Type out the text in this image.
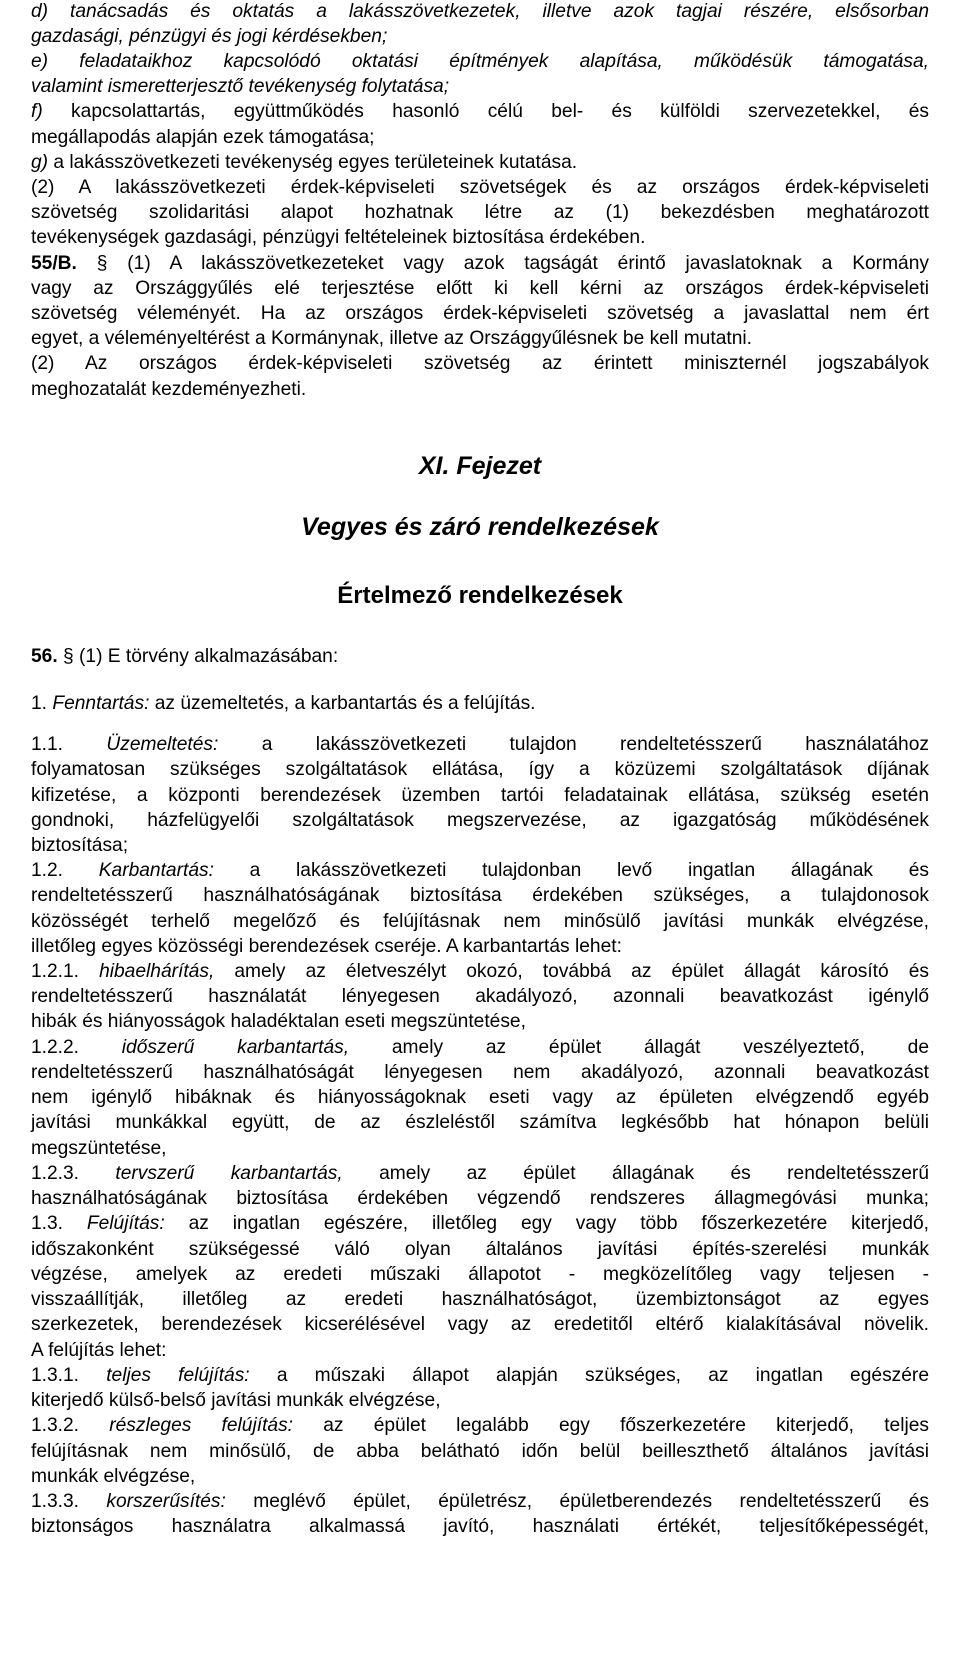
d) tanácsadás és oktatás a lakásszövetkezetek, illetve azok tagjai részére, elsősorban
gazdasági, pénzügyi és jogi kérdésekben;
e) feladataikhoz kapcsolódó oktatási építmények alapítása, működésük támogatása,
valamint ismeretterjesztő tevékenység folytatása;
f) kapcsolattartás, együttműködés hasonló célú bel- és külföldi szervezetekkel, és
megállapodás alapján ezek támogatása;
g) a lakásszövetkezeti tevékenység egyes területeinek kutatása.
(2) A lakásszövetkezeti érdek-képviseleti szövetségek és az országos érdek-képviseleti
szövetség szolidaritási alapot hozhatnak létre az (1) bekezdésben meghatározott
tevékenységek gazdasági, pénzügyi feltételeinek biztosítása érdekében.
55/B. § (1) A lakásszövetkezeteket vagy azok tagságát érintő javaslatoknak a Kormány
vagy az Országgyűlés elé terjesztése előtt ki kell kérni az országos érdek-képviseleti
szövetség véleményét. Ha az országos érdek-képviseleti szövetség a javaslattal nem ért
egyet, a véleményeltérést a Kormánynak, illetve az Országgyűlésnek be kell mutatni.
(2) Az országos érdek-képviseleti szövetség az érintett miniszternél jogszabályok
meghozatalát kezdeményezheti.
XI. Fejezet
Vegyes és záró rendelkezések
Értelmező rendelkezések
56. § (1) E törvény alkalmazásában:
1. Fenntartás: az üzemeltetés, a karbantartás és a felújítás.
1.1. Üzemeltetés: a lakásszövetkezeti tulajdon rendeltetésszerű használatához
folyamatosan szükséges szolgáltatások ellátása, így a közüzemi szolgáltatások díjának
kifizetése, a központi berendezések üzemben tartói feladatainak ellátása, szükség esetén
gondnoki, házfelügyelői szolgáltatások megszervezése, az igazgatóság működésének
biztosítása;
1.2. Karbantartás: a lakásszövetkezeti tulajdonban levő ingatlan állagának és
rendeltetésszerű használhatóságának biztosítása érdekében szükséges, a tulajdonosok
közösségét terhelő megelőző és felújításnak nem minősülő javítási munkák elvégzése,
illetőleg egyes közösségi berendezések cseréje. A karbantartás lehet:
1.2.1. hibaelhárítás, amely az életveszélyt okozó, továbbá az épület állagát károsító és
rendeltetésszerű használatát lényegesen akadályozó, azonnali beavatkozást igénylő
hibák és hiányosságok haladéktalan eseti megszüntetése,
1.2.2. időszerű karbantartás, amely az épület állagát veszélyeztető, de
rendeltetésszerű használhatóságát lényegesen nem akadályozó, azonnali beavatkozást
nem igénylő hibáknak és hiányosságoknak eseti vagy az épületen elvégzendő egyéb
javítási munkákkal együtt, de az észleléstől számítva legkésőbb hat hónapon belüli
megszüntetése,
1.2.3. tervszerű karbantartás, amely az épület állagának és rendeltetésszerű
használhatóságának biztosítása érdekében végzendő rendszeres állagmegóvási munka;
1.3. Felújítás: az ingatlan egészére, illetőleg egy vagy több főszerkezetére kiterjedő,
időszakonként szükségessé váló olyan általános javítási építés-szerelési munkák
végzése, amelyek az eredeti műszaki állapotot - megközelítőleg vagy teljesen -
visszaállítják, illetőleg az eredeti használhatóságot, üzembiztonságot az egyes
szerkezetek, berendezések kicserélésével vagy az eredetitől eltérő kialakításával növelik.
A felújítás lehet:
1.3.1. teljes felújítás: a műszaki állapot alapján szükséges, az ingatlan egészére
kiterjedő külső-belső javítási munkák elvégzése,
1.3.2. részleges felújítás: az épület legalább egy főszerkezetére kiterjedő, teljes
felújításnak nem minősülő, de abba belátható időn belül beilleszthető általános javítási
munkák elvégzése,
1.3.3. korszerűsítés: meglévő épület, épületrész, épületberendezés rendeltetésszerű és
biztonságos használatra alkalmassá javító, használati értékét, teljesítőképességét,
